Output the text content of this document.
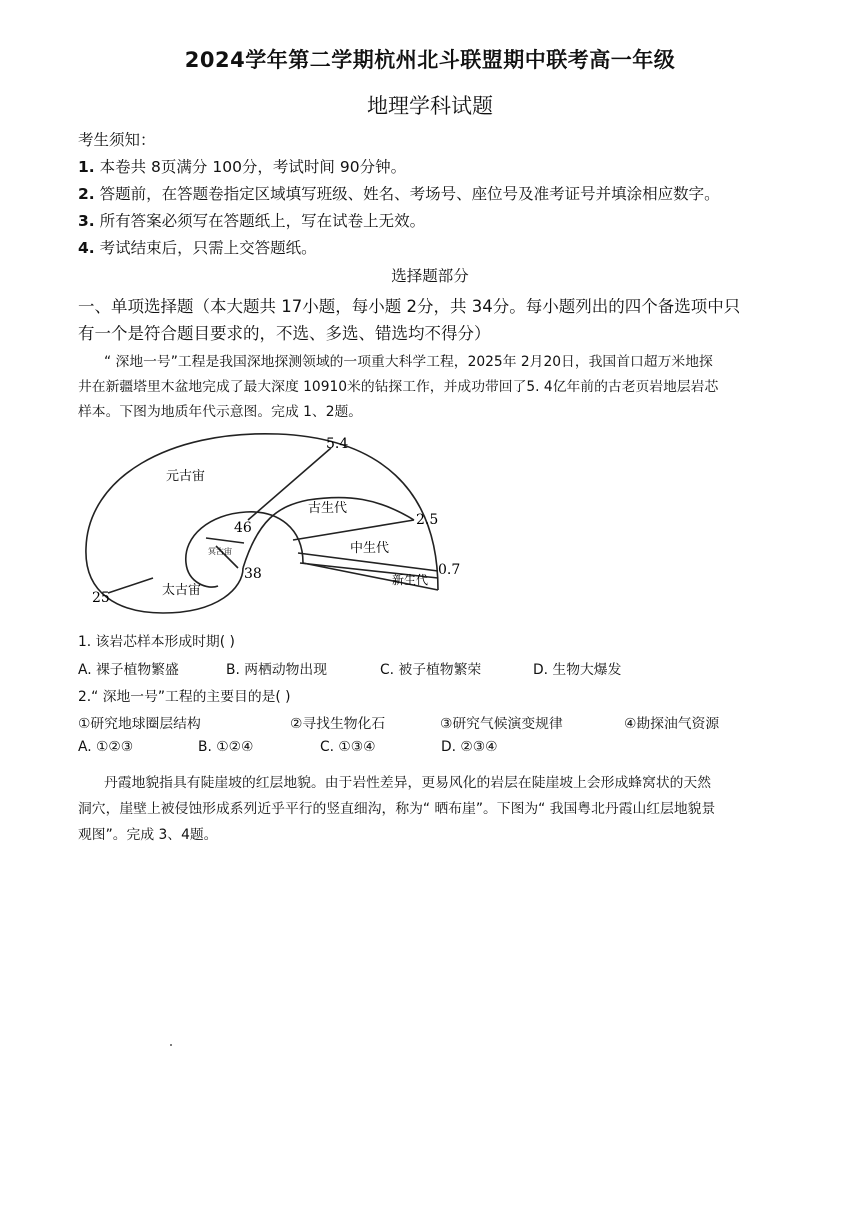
2024学年第二学期杭州北斗联盟期中联考高一年级
地理学科试题
考生须知：
1. 本卷共 8页满分 100分，考试时间 90分钟。
2. 答题前，在答题卷指定区域填写班级、姓名、考场号、座位号及准考证号并填涂相应数字。
3. 所有答案必须写在答题纸上，写在试卷上无效。
4. 考试结束后，只需上交答题纸。
选择题部分
一、单项选择题（本大题共 17小题，每小题 2分，共 34分。每小题列出的四个备选项中只
有一个是符合题目要求的，不选、多选、错选均不得分）
“ 深地一号”工程是我国深地探测领域的一项重大科学工程，2025年 2月20日，我国首口超万米地探
井在新疆塔里木盆地完成了最大深度 10910米的钻探工作，并成功带回了5. 4亿年前的古老页岩地层岩芯
样本。下图为地质年代示意图。完成 1、2题。
元古宙
古生代
中生代
新生代
太古宙
冥古宙
5.4
2.5
0.7
46
38
25
1. 该岩芯样本形成时期( )
A. 裸子植物繁盛	B. 两栖动物出现	C. 被子植物繁荣	D. 生物大爆发
2.“ 深地一号”工程的主要目的是( )
①研究地球圈层结构	②寻找生物化石	③研究气候演变规律	④勘探油气资源
A. ①②③	B. ①②④	C. ①③④	D. ②③④
丹霞地貌指具有陡崖坡的红层地貌。由于岩性差异，更易风化的岩层在陡崖坡上会形成蜂窝状的天然
洞穴，崖壁上被侵蚀形成系列近乎平行的竖直细沟，称为“ 晒布崖”。下图为“ 我国粤北丹霞山红层地貌景
观图”。完成 3、4题。
